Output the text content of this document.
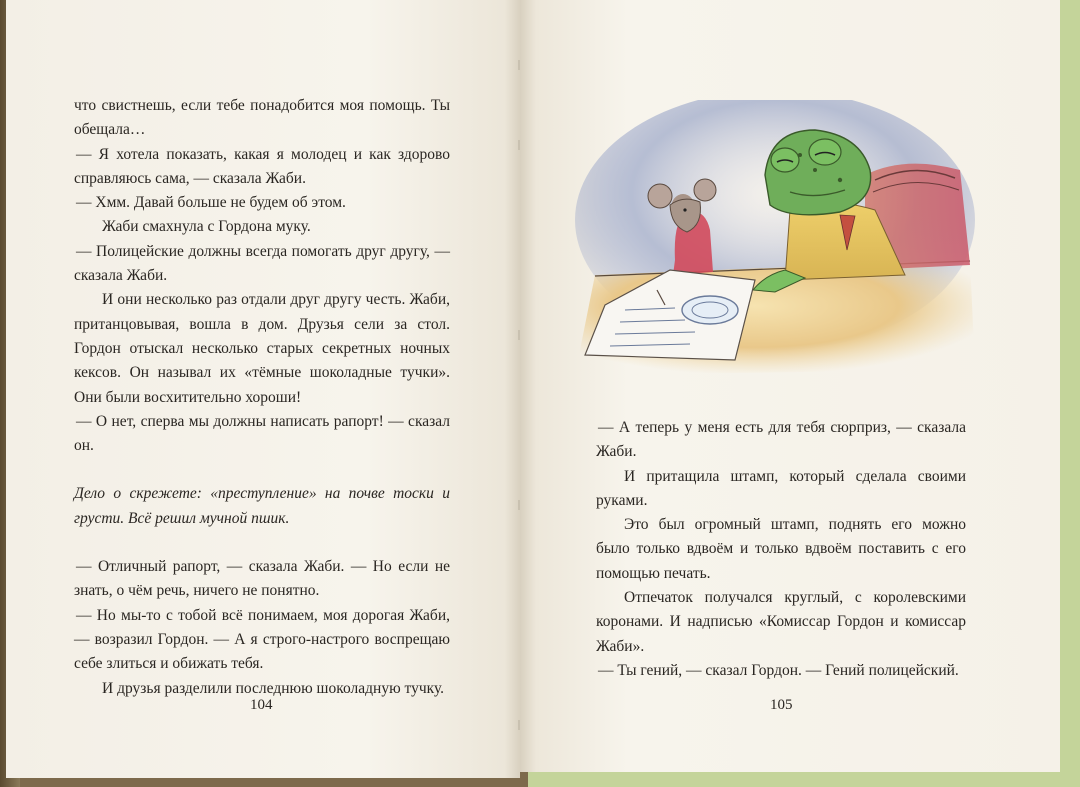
что свистнешь, если тебе понадобится моя помощь. Ты обещала…

— Я хотела показать, какая я молодец и как здорово справляюсь сама, — сказала Жаби.

— Хмм. Давай больше не будем об этом.

Жаби смахнула с Гордона муку.

— Полицейские должны всегда помогать друг другу, — сказала Жаби.

И они несколько раз отдали друг другу честь. Жаби, пританцовывая, вошла в дом. Друзья сели за стол. Гордон отыскал несколько старых секретных ночных кексов. Он называл их «тёмные шоколадные тучки». Они были восхитительно хороши!

— О нет, сперва мы должны написать рапорт! — сказал он.

Дело о скрежете: «преступление» на почве тоски и грусти. Всё решил мучной пшик.

— Отличный рапорт, — сказала Жаби. — Но если не знать, о чём речь, ничего не понятно.

— Но мы-то с тобой всё понимаем, моя дорогая Жаби, — возразил Гордон. — А я строго-настрого воспрещаю себе злиться и обижать тебя.

И друзья разделили последнюю шоколадную тучку.

104

— А теперь у меня есть для тебя сюрприз, — сказала Жаби.

И притащила штамп, который сделала своими руками.

Это был огромный штамп, поднять его можно было только вдвоём и только вдвоём поставить с его помощью печать.

Отпечаток получался круглый, с королевскими коронами. И надписью «Комиссар Гордон и комиссар Жаби».

— Ты гений, — сказал Гордон. — Гений полицейский.

105
